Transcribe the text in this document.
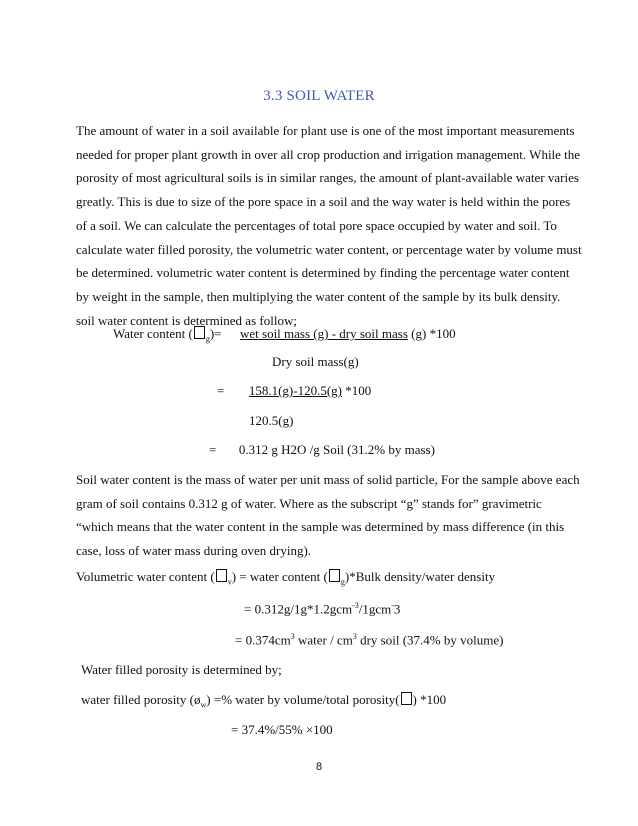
3.3 SOIL WATER

The amount of water in a soil available for plant use is one of the most important measurements

needed for proper plant growth in over all crop production and irrigation management. While the

porosity of most agricultural soils is in similar ranges, the amount of plant-available water varies

greatly. This is due to size of the pore space in a soil and the way water is held within the pores

of a soil. We can calculate the percentages of total pore space occupied by water and soil. To

calculate water filled porosity, the volumetric water content, or percentage water by volume must

be determined. volumetric water content is determined by finding the percentage water content

by weight in the sample, then multiplying the water content of the sample by its bulk density.

soil water content is determined as follow;

Water content ( $_g$)= wet soil mass (g) - dry soil mass (g) *100
Dry soil mass(g)
= 158.1(g)-120.5(g) *100
120.5(g)
= 0.312 g H2O /g Soil (31.2% by mass)

Soil water content is the mass of water per unit mass of solid particle, For the sample above each

gram of soil contains 0.312 g of water. Where as the subscript “g” stands for” gravimetric

“which means that the water content in the sample was determined by mass difference (in this

case, loss of water mass during oven drying).

Volumetric water content ( $_v$) = water content ( $_g$)*Bulk density/water density
= 0.312g/1g*1.2gcm$^{-3}$/1gcm-3
= $0.374cm^3$ water / $cm^3$ dry soil (37.4% by volume)
Water filled porosity is determined by;
water filled porosity $(ø_w)$ =% water by volume/total porosity( ) *100
= 37.4%/55% ×100
8
